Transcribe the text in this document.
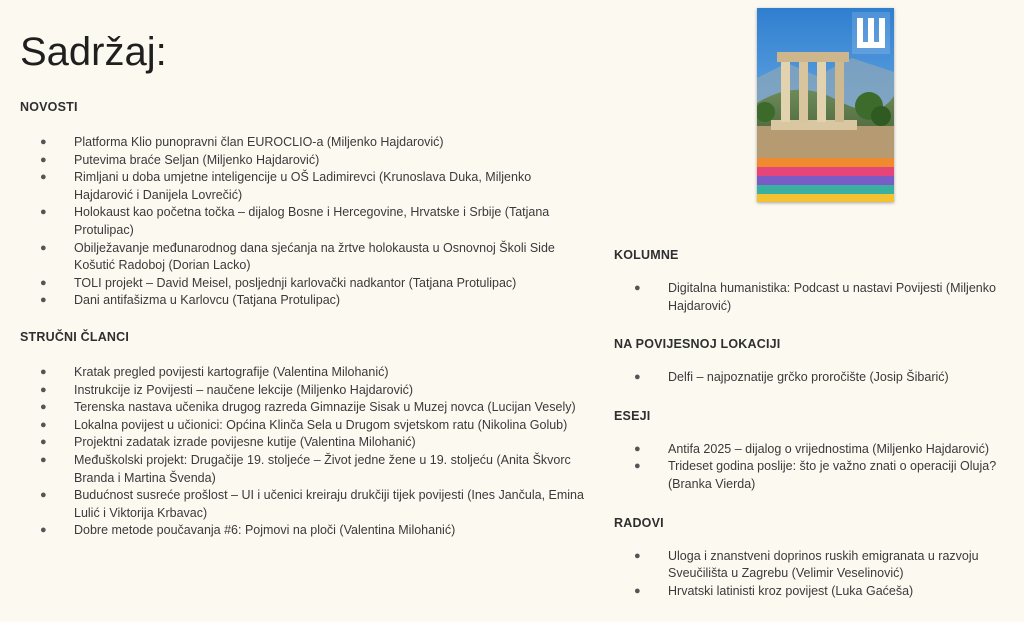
Sadržaj:
NOVOSTI
● Platforma Klio punopravni član EUROCLIO-a (Miljenko Hajdarović)
● Putevima braće Seljan (Miljenko Hajdarović)
● Rimljani u doba umjetne inteligencije u OŠ Ladimirevci (Krunoslava Duka, Miljenko Hajdarović i Danijela Lovrečić)
● Holokaust kao početna točka – dijalog Bosne i Hercegovine, Hrvatske i Srbije (Tatjana Protulipac)
● Obilježavanje međunarodnog dana sjećanja na žrtve holokausta u Osnovnoj Školi Side Košutić Radoboj (Dorian Lacko)
● TOLI projekt – David Meisel, posljednji karlovački nadkantor (Tatjana Protulipac)
● Dani antifašizma u Karlovcu (Tatjana Protulipac)
STRUČNI ČLANCI
● Kratak pregled povijesti kartografije (Valentina Milohanić)
● Instrukcije iz Povijesti – naučene lekcije (Miljenko Hajdarović)
● Terenska nastava učenika drugog razreda Gimnazije Sisak u Muzej novca (Lucijan Vesely)
● Lokalna povijest u učionici: Općina Klinča Sela u Drugom svjetskom ratu (Nikolina Golub)
● Projektni zadatak izrade povijesne kutije (Valentina Milohanić)
● Međuškolski projekt: Drugačije 19. stoljeće – Život jedne žene u 19. stoljeću (Anita Škvorc Branda i Martina Švenda)
● Budućnost susreće prošlost – UI i učenici kreiraju drukčiji tijek povijesti (Ines Jančula, Emina Lulić i Viktorija Krbavac)
● Dobre metode poučavanja #6: Pojmovi na ploči (Valentina Milohanić)
KOLUMNE
● Digitalna humanistika: Podcast u nastavi Povijesti (Miljenko Hajdarović)
NA POVIJESNOJ LOKACIJI
● Delfi – najpoznatije grčko proročište (Josip Šibarić)
ESEJI
● Antifa 2025 – dijalog o vrijednostima (Miljenko Hajdarović)
● Trideset godina poslije: što je važno znati o operaciji Oluja? (Branka Vierda)
RADOVI
● Uloga i znanstveni doprinos ruskih emigranata u razvoju Sveučilišta u Zagrebu (Velimir Veselinović)
● Hrvatski latinisti kroz povijest (Luka Gaćeša)
